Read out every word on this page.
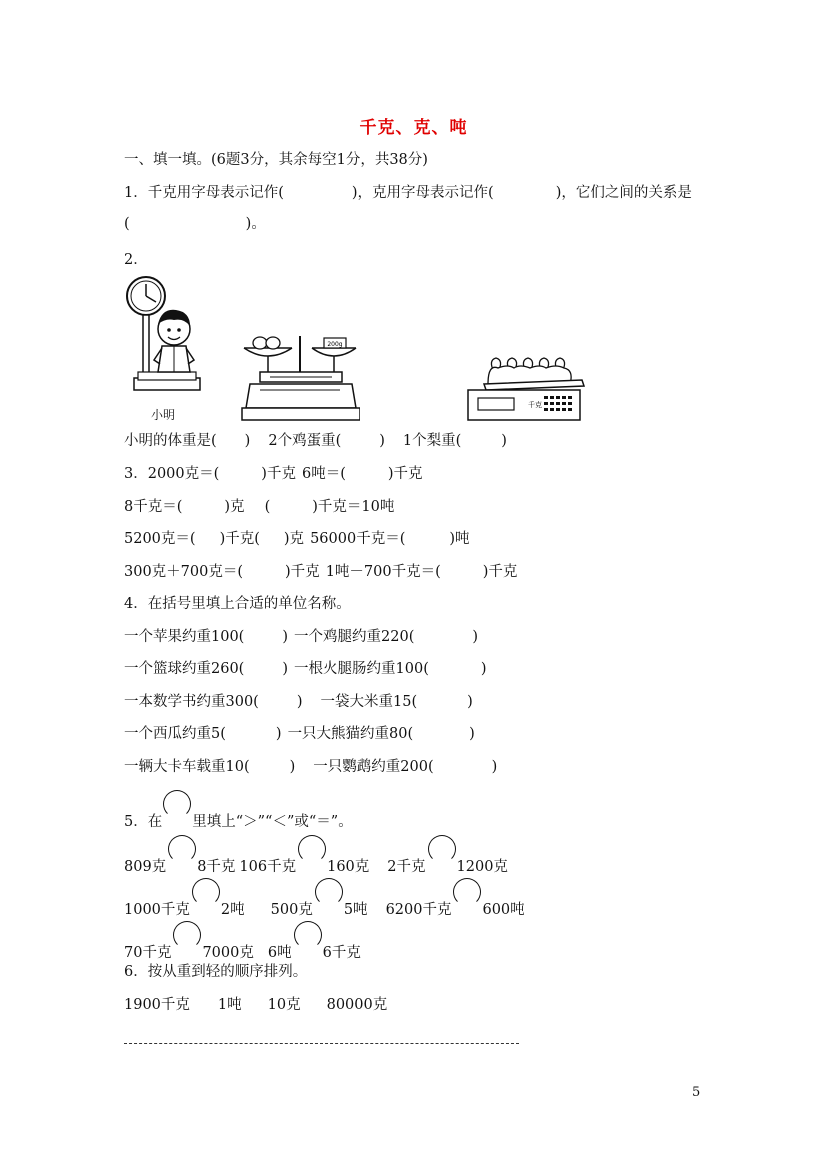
千克、克、吨
一、填一填。(6题3分，其余每空1分，共38分)
1．千克用字母表示记作(	)，克用字母表示记作(	)，它们之间的关系是
(	)。
2．
小明
200g
千克
小明的体重是( ) 2个鸡蛋重(	) 1个梨重(	)
3．2000克＝(	)千克 6吨＝(	)千克
8千克＝(	)克 (	)千克＝10吨
5200克＝( )千克( )克 56000千克＝(	)吨
300克＋700克＝(	)千克 1吨－700千克＝(	)千克
4．在括号里填上合适的单位名称。
一个苹果约重100(	) 一个鸡腿约重220(	)
一个篮球约重260(	) 一根火腿肠约重100(	)
一本数学书约重300(	) 一袋大米重15(	)
一个西瓜约重5(	) 一只大熊猫约重80(	)
一辆大卡车载重10(	) 一只鹦鹉约重200(	)
5．在 里填上“＞”“＜”或“＝”。
809克 8千克 106千克 160克 2千克 1200克
1000千克 2吨 500克 5吨 6200千克 600吨
70千克 7000克 6吨 6千克
6．按从重到轻的顺序排列。
1900千克 1吨 10克 80000克
5
